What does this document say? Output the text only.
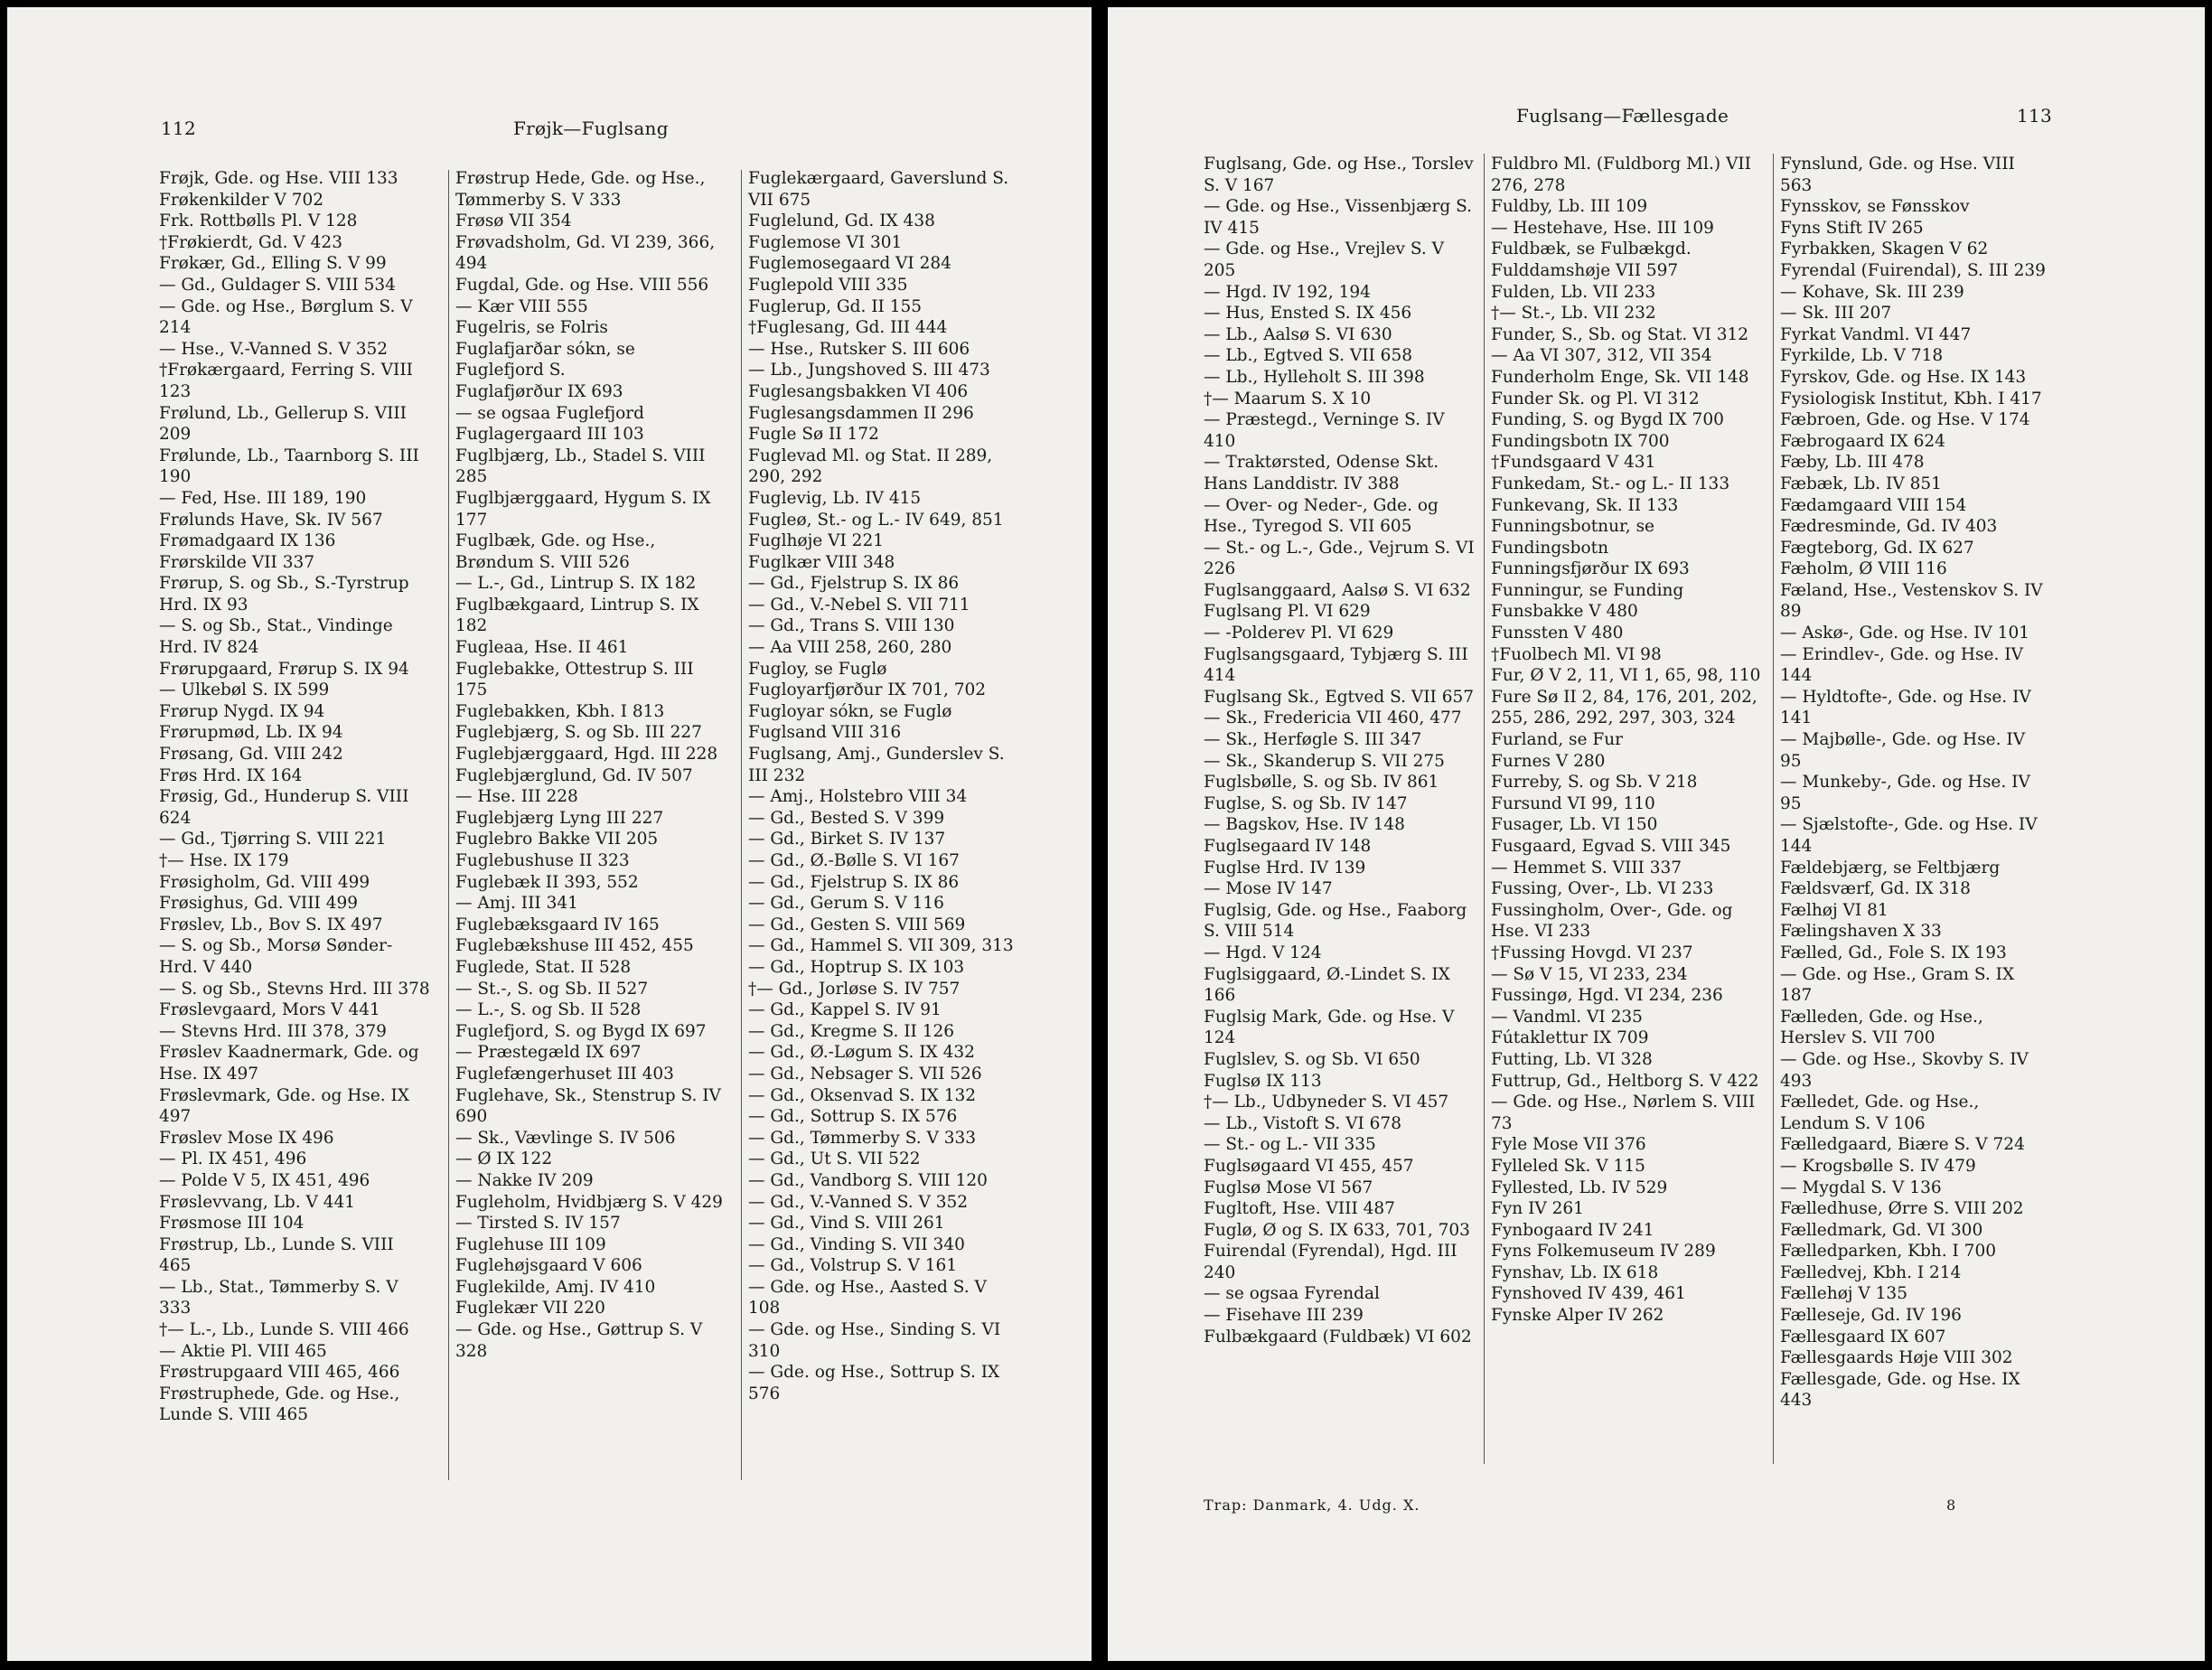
112	Frøjk—Fuglsang
Frøjk, Gde. og Hse. VIII 133
Frøkenkilder V 702
Frk. Rottbølls Pl. V 128
†Frøkierdt, Gd. V 423
Frøkær, Gd., Elling S. V 99
— Gd., Guldager S. VIII 534
— Gde. og Hse., Børglum S. V 214
— Hse., V.-Vanned S. V 352
†Frøkærgaard, Ferring S. VIII 123
Frølund, Lb., Gellerup S. VIII 209
Frølunde, Lb., Taarnborg S. III 190
— Fed, Hse. III 189, 190
Frølunds Have, Sk. IV 567
Frømadgaard IX 136
Frørskilde VII 337
Frørup, S. og Sb., S.-Tyrstrup Hrd. IX 93
— S. og Sb., Stat., Vindinge Hrd. IV 824
Frørupgaard, Frørup S. IX 94
— Ulkebøl S. IX 599
Frørup Nygd. IX 94
Frørupmød, Lb. IX 94
Frøsang, Gd. VIII 242
Frøs Hrd. IX 164
Frøsig, Gd., Hunderup S. VIII 624
— Gd., Tjørring S. VIII 221
†— Hse. IX 179
Frøsigholm, Gd. VIII 499
Frøsighus, Gd. VIII 499
Frøslev, Lb., Bov S. IX 497
— S. og Sb., Morsø Sønder-Hrd. V 440
— S. og Sb., Stevns Hrd. III 378
Frøslevgaard, Mors V 441
— Stevns Hrd. III 378, 379
Frøslev Kaadnermark, Gde. og Hse. IX 497
Frøslevmark, Gde. og Hse. IX 497
Frøslev Mose IX 496
— Pl. IX 451, 496
— Polde V 5, IX 451, 496
Frøslevvang, Lb. V 441
Frøsmose III 104
Frøstrup, Lb., Lunde S. VIII 465
— Lb., Stat., Tømmerby S. V 333
†— L.-, Lb., Lunde S. VIII 466
— Aktie Pl. VIII 465
Frøstrupgaard VIII 465, 466
Frøstruphede, Gde. og Hse., Lunde S. VIII 465
Frøstrup Hede, Gde. og Hse., Tømmerby S. V 333
Frøsø VII 354
Frøvadsholm, Gd. VI 239, 366, 494
Fugdal, Gde. og Hse. VIII 556
— Kær VIII 555
Fugelris, se Folris
Fuglafjarðar sókn, se Fuglefjord S.
Fuglafjørður IX 693
— se ogsaa Fuglefjord
Fuglagergaard III 103
Fuglbjærg, Lb., Stadel S. VIII 285
Fuglbjærggaard, Hygum S. IX 177
Fuglbæk, Gde. og Hse., Brøndum S. VIII 526
— L.-, Gd., Lintrup S. IX 182
Fuglbækgaard, Lintrup S. IX 182
Fugleaa, Hse. II 461
Fuglebakke, Ottestrup S. III 175
Fuglebakken, Kbh. I 813
Fuglebjærg, S. og Sb. III 227
Fuglebjærggaard, Hgd. III 228
Fuglebjærglund, Gd. IV 507
— Hse. III 228
Fuglebjærg Lyng III 227
Fuglebro Bakke VII 205
Fuglebushuse II 323
Fuglebæk II 393, 552
— Amj. III 341
Fuglebæksgaard IV 165
Fuglebækshuse III 452, 455
Fuglede, Stat. II 528
— St.-, S. og Sb. II 527
— L.-, S. og Sb. II 528
Fuglefjord, S. og Bygd IX 697
— Præstegæld IX 697
Fuglefængerhuset III 403
Fuglehave, Sk., Stenstrup S. IV 690
— Sk., Vævlinge S. IV 506
— Ø IX 122
— Nakke IV 209
Fugleholm, Hvidbjærg S. V 429
— Tirsted S. IV 157
Fuglehuse III 109
Fuglehøjsgaard V 606
Fuglekilde, Amj. IV 410
Fuglekær VII 220
— Gde. og Hse., Gøttrup S. V 328
Fuglekærgaard, Gaverslund S. VII 675
Fuglelund, Gd. IX 438
Fuglemose VI 301
Fuglemosegaard VI 284
Fuglepold VIII 335
Fuglerup, Gd. II 155
†Fuglesang, Gd. III 444
— Hse., Rutsker S. III 606
— Lb., Jungshoved S. III 473
Fuglesangsbakken VI 406
Fuglesangsdammen II 296
Fugle Sø II 172
Fuglevad Ml. og Stat. II 289, 290, 292
Fuglevig, Lb. IV 415
Fugleø, St.- og L.- IV 649, 851
Fuglhøje VI 221
Fuglkær VIII 348
— Gd., Fjelstrup S. IX 86
— Gd., V.-Nebel S. VII 711
— Gd., Trans S. VIII 130
— Aa VIII 258, 260, 280
Fugloy, se Fuglø
Fugloyarfjørður IX 701, 702
Fugloyar sókn, se Fuglø
Fuglsand VIII 316
Fuglsang, Amj., Gunderslev S. III 232
— Amj., Holstebro VIII 34
— Gd., Bested S. V 399
— Gd., Birket S. IV 137
— Gd., Ø.-Bølle S. VI 167
— Gd., Fjelstrup S. IX 86
— Gd., Gerum S. V 116
— Gd., Gesten S. VIII 569
— Gd., Hammel S. VII 309, 313
— Gd., Hoptrup S. IX 103
†— Gd., Jorløse S. IV 757
— Gd., Kappel S. IV 91
— Gd., Kregme S. II 126
— Gd., Ø.-Løgum S. IX 432
— Gd., Nebsager S. VII 526
— Gd., Oksenvad S. IX 132
— Gd., Sottrup S. IX 576
— Gd., Tømmerby S. V 333
— Gd., Ut S. VII 522
— Gd., Vandborg S. VIII 120
— Gd., V.-Vanned S. V 352
— Gd., Vind S. VIII 261
— Gd., Vinding S. VII 340
— Gd., Volstrup S. V 161
— Gde. og Hse., Aasted S. V 108
— Gde. og Hse., Sinding S. VI 310
— Gde. og Hse., Sottrup S. IX 576
Fuglsang—Fællesgade	113
Fuglsang, Gde. og Hse., Torslev S. V 167
— Gde. og Hse., Vissenbjærg S. IV 415
— Gde. og Hse., Vrejlev S. V 205
— Hgd. IV 192, 194
— Hus, Ensted S. IX 456
— Lb., Aalsø S. VI 630
— Lb., Egtved S. VII 658
— Lb., Hylleholt S. III 398
†— Maarum S. X 10
— Præstegd., Verninge S. IV 410
— Traktørsted, Odense Skt. Hans Landdistr. IV 388
— Over- og Neder-, Gde. og Hse., Tyregod S. VII 605
— St.- og L.-, Gde., Vejrum S. VI 226
Fuglsanggaard, Aalsø S. VI 632
Fuglsang Pl. VI 629
— -Polderev Pl. VI 629
Fuglsangsgaard, Tybjærg S. III 414
Fuglsang Sk., Egtved S. VII 657
— Sk., Fredericia VII 460, 477
— Sk., Herføgle S. III 347
— Sk., Skanderup S. VII 275
Fuglsbølle, S. og Sb. IV 861
Fuglse, S. og Sb. IV 147
— Bagskov, Hse. IV 148
Fuglsegaard IV 148
Fuglse Hrd. IV 139
— Mose IV 147
Fuglsig, Gde. og Hse., Faaborg S. VIII 514
— Hgd. V 124
Fuglsiggaard, Ø.-Lindet S. IX 166
Fuglsig Mark, Gde. og Hse. V 124
Fuglslev, S. og Sb. VI 650
Fuglsø IX 113
†— Lb., Udbyneder S. VI 457
— Lb., Vistoft S. VI 678
— St.- og L.- VII 335
Fuglsøgaard VI 455, 457
Fuglsø Mose VI 567
Fugltoft, Hse. VIII 487
Fuglø, Ø og S. IX 633, 701, 703
Fuirendal (Fyrendal), Hgd. III 240
— se ogsaa Fyrendal
— Fisehave III 239
Fulbækgaard (Fuldbæk) VI 602
Fuldbro Ml. (Fuldborg Ml.) VII 276, 278
Fuldby, Lb. III 109
— Hestehave, Hse. III 109
Fuldbæk, se Fulbækgd.
Fulddamshøje VII 597
Fulden, Lb. VII 233
†— St.-, Lb. VII 232
Funder, S., Sb. og Stat. VI 312
— Aa VI 307, 312, VII 354
Funderholm Enge, Sk. VII 148
Funder Sk. og Pl. VI 312
Funding, S. og Bygd IX 700
Fundingsbotn IX 700
†Fundsgaard V 431
Funkedam, St.- og L.- II 133
Funkevang, Sk. II 133
Funningsbotnur, se Fundingsbotn
Funningsfjørður IX 693
Funningur, se Funding
Funsbakke V 480
Funssten V 480
†Fuolbech Ml. VI 98
Fur, Ø V 2, 11, VI 1, 65, 98, 110
Fure Sø II 2, 84, 176, 201, 202, 255, 286, 292, 297, 303, 324
Furland, se Fur
Furnes V 280
Furreby, S. og Sb. V 218
Fursund VI 99, 110
Fusager, Lb. VI 150
Fusgaard, Egvad S. VIII 345
— Hemmet S. VIII 337
Fussing, Over-, Lb. VI 233
Fussingholm, Over-, Gde. og Hse. VI 233
†Fussing Hovgd. VI 237
— Sø V 15, VI 233, 234
Fussingø, Hgd. VI 234, 236
— Vandml. VI 235
Fútaklettur IX 709
Futting, Lb. VI 328
Futtrup, Gd., Heltborg S. V 422
— Gde. og Hse., Nørlem S. VIII 73
Fyle Mose VII 376
Fylleled Sk. V 115
Fyllested, Lb. IV 529
Fyn IV 261
Fynbogaard IV 241
Fyns Folkemuseum IV 289
Fynshav, Lb. IX 618
Fynshoved IV 439, 461
Fynske Alper IV 262
Fynslund, Gde. og Hse. VIII 563
Fynsskov, se Fønsskov
Fyns Stift IV 265
Fyrbakken, Skagen V 62
Fyrendal (Fuirendal), S. III 239
— Kohave, Sk. III 239
— Sk. III 207
Fyrkat Vandml. VI 447
Fyrkilde, Lb. V 718
Fyrskov, Gde. og Hse. IX 143
Fysiologisk Institut, Kbh. I 417
Fæbroen, Gde. og Hse. V 174
Fæbrogaard IX 624
Fæby, Lb. III 478
Fæbæk, Lb. IV 851
Fædamgaard VIII 154
Fædresminde, Gd. IV 403
Fægteborg, Gd. IX 627
Fæholm, Ø VIII 116
Fæland, Hse., Vestenskov S. IV 89
— Askø-, Gde. og Hse. IV 101
— Erindlev-, Gde. og Hse. IV 144
— Hyldtofte-, Gde. og Hse. IV 141
— Majbølle-, Gde. og Hse. IV 95
— Munkeby-, Gde. og Hse. IV 95
— Sjælstofte-, Gde. og Hse. IV 144
Fældebjærg, se Feltbjærg
Fældsværf, Gd. IX 318
Fælhøj VI 81
Fælingshaven X 33
Fælled, Gd., Fole S. IX 193
— Gde. og Hse., Gram S. IX 187
Fælleden, Gde. og Hse., Herslev S. VII 700
— Gde. og Hse., Skovby S. IV 493
Fælledet, Gde. og Hse., Lendum S. V 106
Fælledgaard, Biære S. V 724
— Krogsbølle S. IV 479
— Mygdal S. V 136
Fælledhuse, Ørre S. VIII 202
Fælledmark, Gd. VI 300
Fælledparken, Kbh. I 700
Fælledvej, Kbh. I 214
Fællehøj V 135
Fælleseje, Gd. IV 196
Fællesgaard IX 607
Fællesgaards Høje VIII 302
Fællesgade, Gde. og Hse. IX 443
Trap: Danmark, 4. Udg. X.	8
